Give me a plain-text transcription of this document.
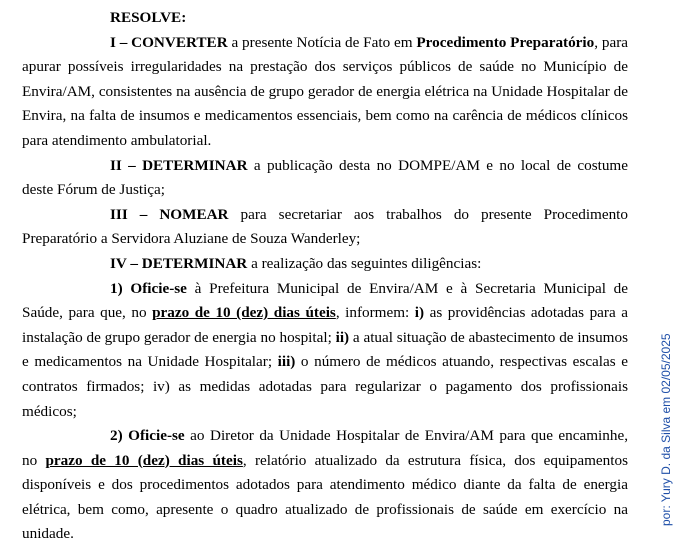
RESOLVE:

I – CONVERTER a presente Notícia de Fato em Procedimento Preparatório, para apurar possíveis irregularidades na prestação dos serviços públicos de saúde no Município de Envira/AM, consistentes na ausência de grupo gerador de energia elétrica na Unidade Hospitalar de Envira, na falta de insumos e medicamentos essenciais, bem como na carência de médicos clínicos para atendimento ambulatorial.

II – DETERMINAR a publicação desta no DOMPE/AM e no local de costume deste Fórum de Justiça;

III – NOMEAR para secretariar aos trabalhos do presente Procedimento Preparatório a Servidora Aluziane de Souza Wanderley;

IV – DETERMINAR a realização das seguintes diligências:

1) Oficie-se à Prefeitura Municipal de Envira/AM e à Secretaria Municipal de Saúde, para que, no prazo de 10 (dez) dias úteis, informem: i) as providências adotadas para a instalação de grupo gerador de energia no hospital; ii) a atual situação de abastecimento de insumos e medicamentos na Unidade Hospitalar; iii) o número de médicos atuando, respectivas escalas e contratos firmados; iv) as medidas adotadas para regularizar o pagamento dos profissionais médicos;

2) Oficie-se ao Diretor da Unidade Hospitalar de Envira/AM para que encaminhe, no prazo de 10 (dez) dias úteis, relatório atualizado da estrutura física, dos equipamentos disponíveis e dos procedimentos adotados para atendimento médico diante da falta de energia elétrica, bem como, apresente o quadro atualizado de profissionais de saúde em exercício na unidade.

por: Yury D. da Silva em 02/05/2025
